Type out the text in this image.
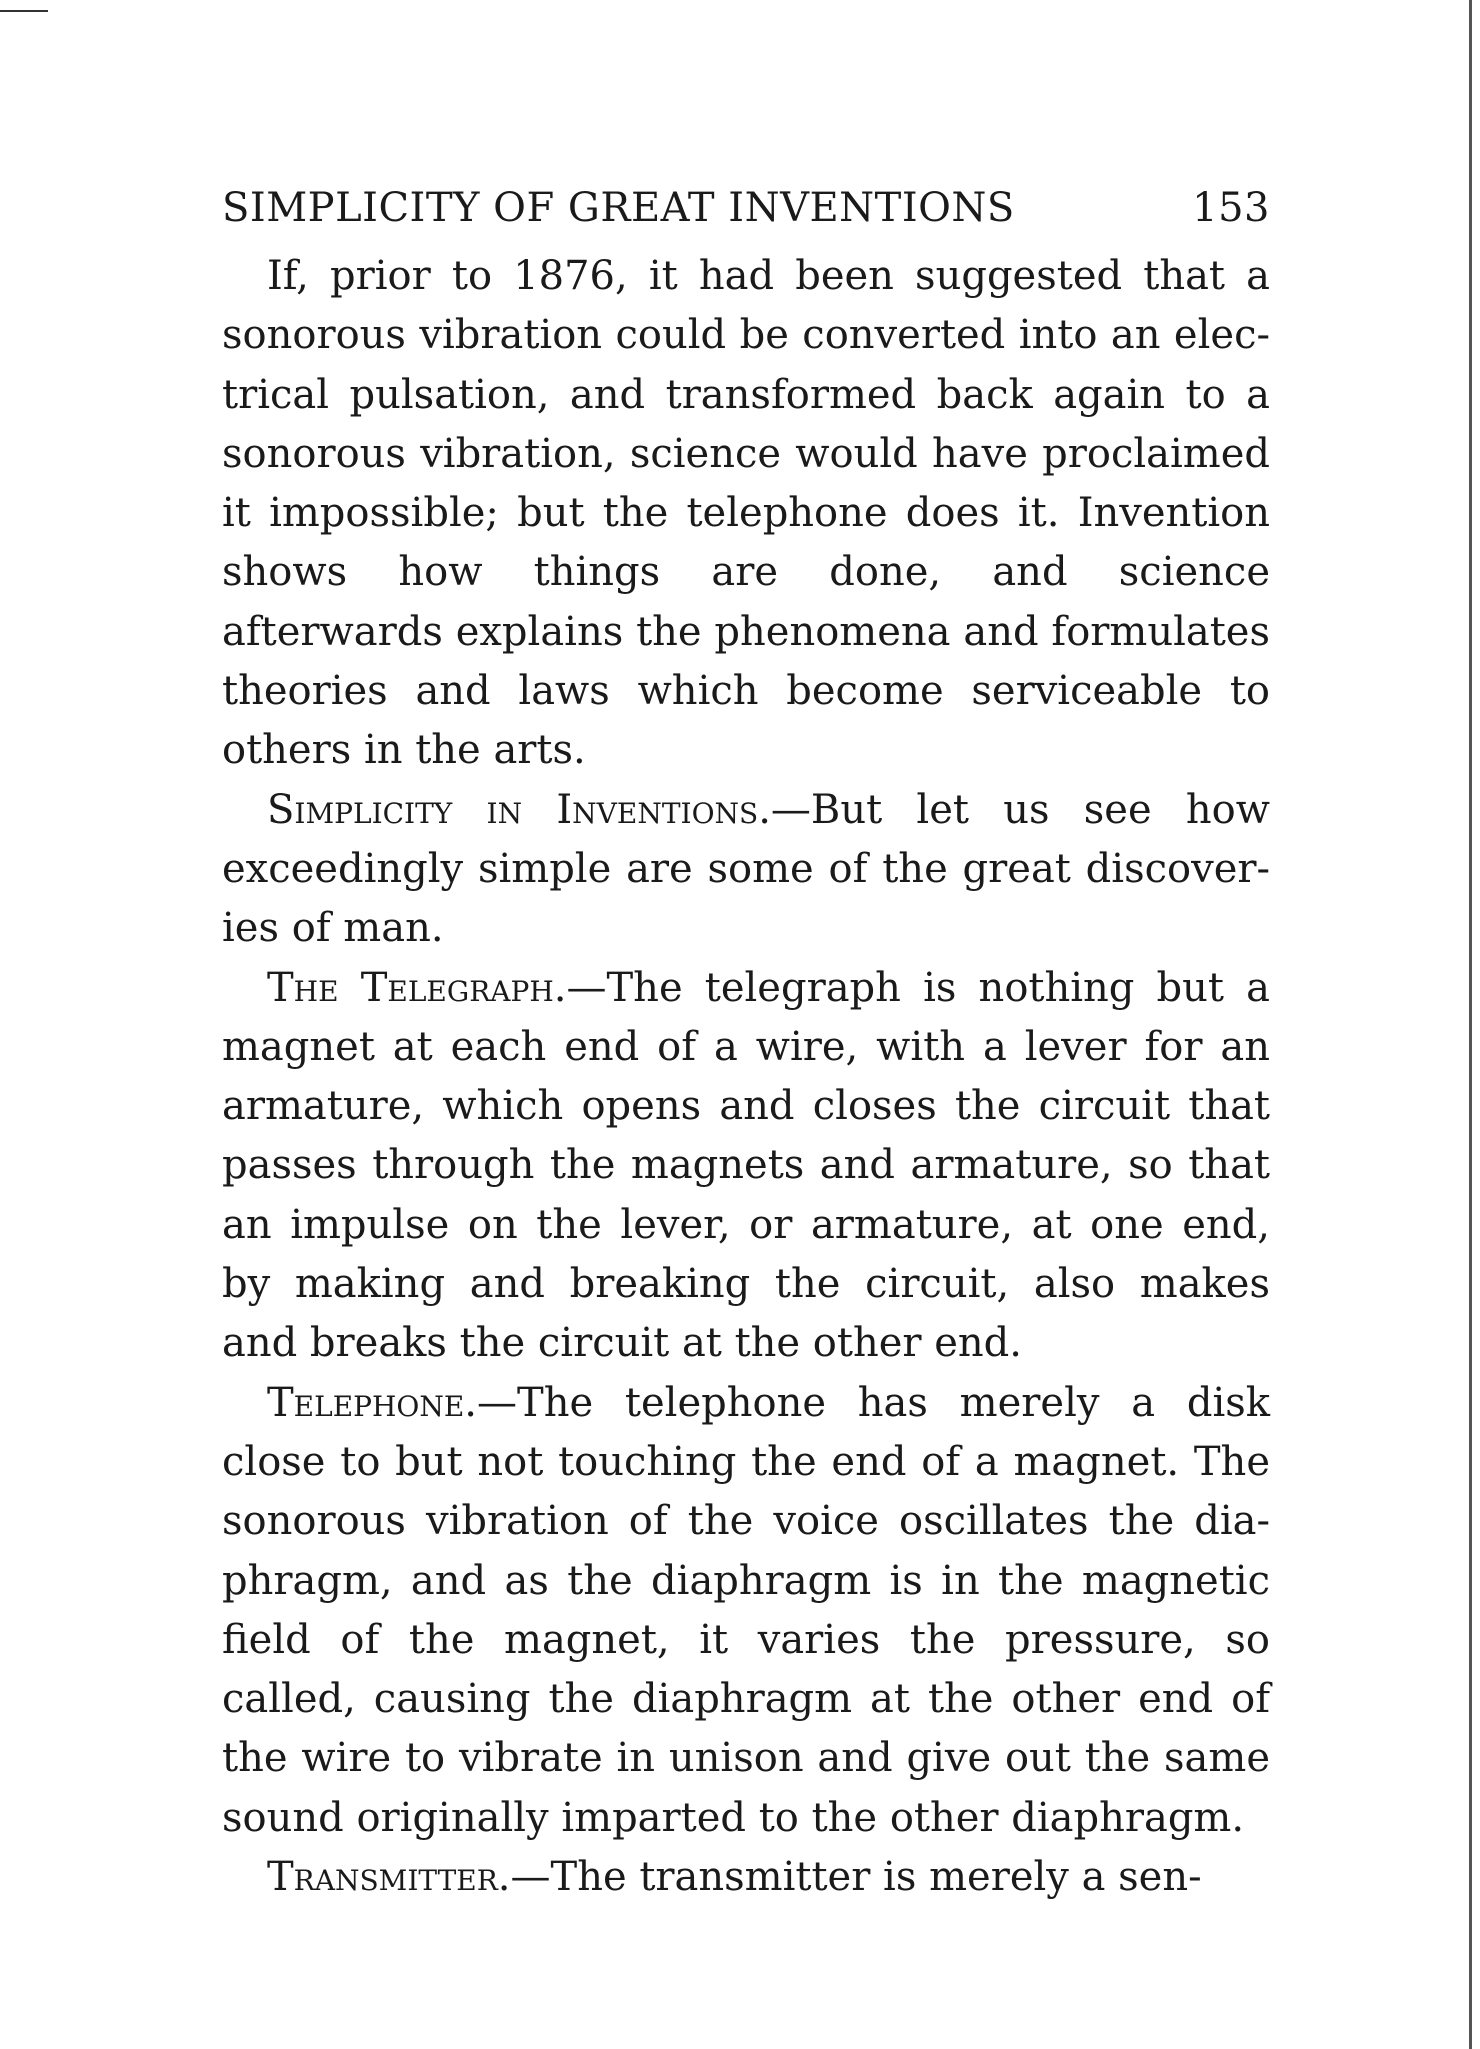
SIMPLICITY OF GREAT INVENTIONS	153

If, prior to 1876, it had been suggested that a sonorous vibration could be converted into an elec-trical pulsation, and transformed back again to a sonorous vibration, science would have proclaimed it impossible; but the telephone does it. Invention shows how things are done, and science afterwards explains the phenomena and formulates theories and laws which become serviceable to others in the arts.

Simplicity in Inventions.—But let us see how exceedingly simple are some of the great discover-ies of man.

The Telegraph.—The telegraph is nothing but a magnet at each end of a wire, with a lever for an armature, which opens and closes the circuit that passes through the magnets and armature, so that an impulse on the lever, or armature, at one end, by making and breaking the circuit, also makes and breaks the circuit at the other end.

Telephone.—The telephone has merely a disk close to but not touching the end of a magnet. The sonorous vibration of the voice oscillates the dia-phragm, and as the diaphragm is in the magnetic field of the magnet, it varies the pressure, so called, causing the diaphragm at the other end of the wire to vibrate in unison and give out the same sound originally imparted to the other diaphragm.

Transmitter.—The transmitter is merely a sen-
